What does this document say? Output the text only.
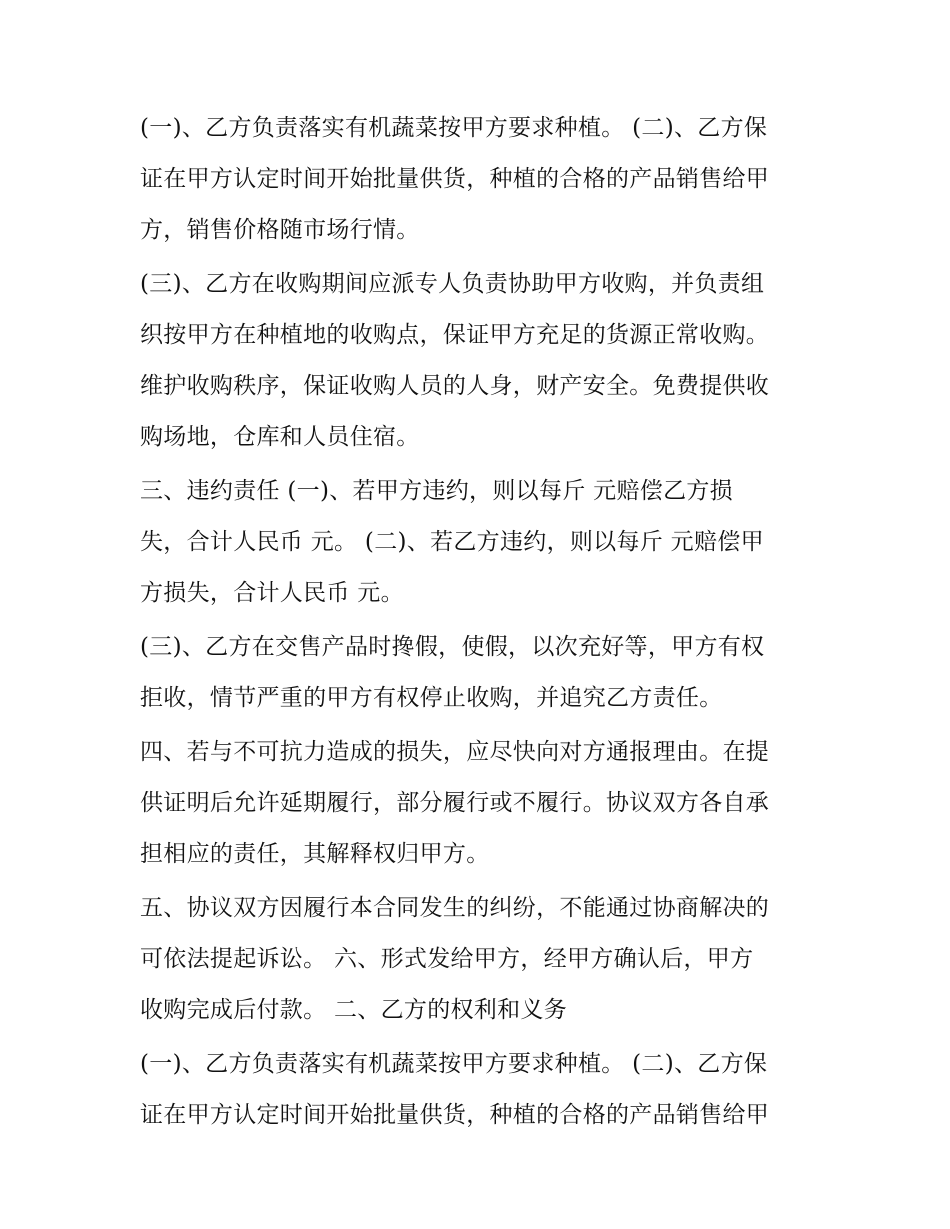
(一)、乙方负责落实有机蔬菜按甲方要求种植。 (二)、乙方保
证在甲方认定时间开始批量供货，种植的合格的产品销售给甲
方，销售价格随市场行情。

(三)、乙方在收购期间应派专人负责协助甲方收购，并负责组
织按甲方在种植地的收购点，保证甲方充足的货源正常收购。
维护收购秩序，保证收购人员的人身，财产安全。免费提供收
购场地，仓库和人员住宿。

三、违约责任 (一)、若甲方违约，则以每斤 元赔偿乙方损
失，合计人民币 元。 (二)、若乙方违约，则以每斤 元赔偿甲
方损失，合计人民币 元。

(三)、乙方在交售产品时搀假，使假，以次充好等，甲方有权
拒收，情节严重的甲方有权停止收购，并追究乙方责任。

四、若与不可抗力造成的损失，应尽快向对方通报理由。在提
供证明后允许延期履行，部分履行或不履行。协议双方各自承
担相应的责任，其解释权归甲方。

五、协议双方因履行本合同发生的纠纷，不能通过协商解决的
可依法提起诉讼。 六、形式发给甲方，经甲方确认后，甲方
收购完成后付款。 二、乙方的权利和义务

(一)、乙方负责落实有机蔬菜按甲方要求种植。 (二)、乙方保
证在甲方认定时间开始批量供货，种植的合格的产品销售给甲
